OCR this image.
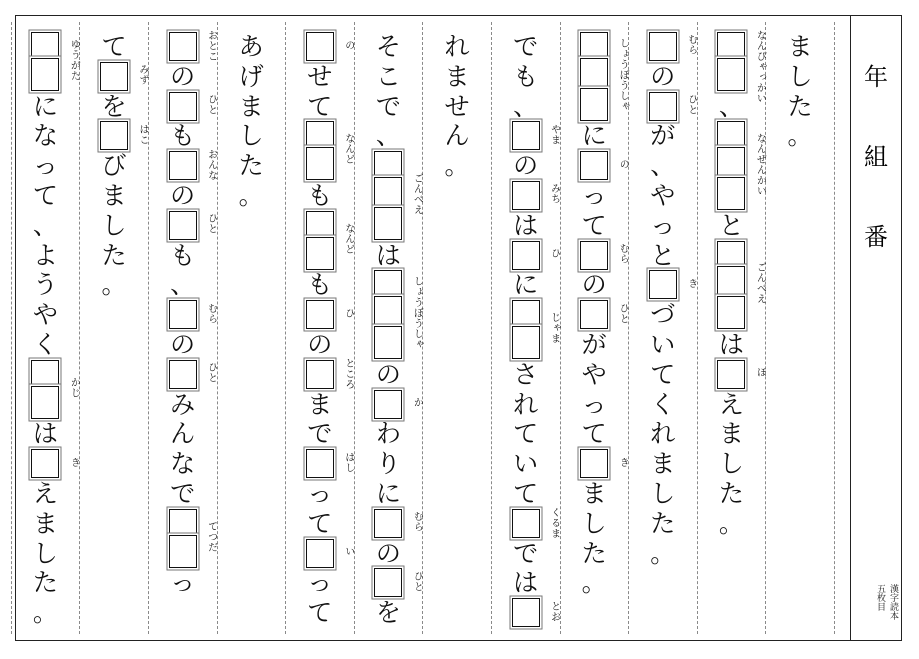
年
組
番
漢字読本
五枚目
ま
し
た
。
、
と
は
え
ま
し
た
。
なんぴゃっかい
なんぜんかい
ごんべえ
ほ
の
が
、
や
っ
と
づ
い
て
く
れ
ま
し
た
。
むら
ひと
き
に
っ
て
の
が
や
っ
て
ま
し
た
。
しょうぼうしゃ
の
むら
ひと
き
で
も
、
の
は
に
さ
れ
て
い
て
で
は
やま
みち
ひ
じゃま
くるま
とお
れ
ま
せ
ん
。
そ
こ
で
、
は
の
わ
り
に
の
を
ごんべえ
しょうぼうしゃ
か
むら
ひと
せ
て
も
も
の
ま
で
っ
て
っ
て
の
なんど
なんど
ひ
ところ
はし
い
あ
げ
ま
し
た
。
の
も
の
も
、
の
み
ん
な
で
っ
おとこ
ひと
おんな
ひと
むら
ひと
てつだ
て
を
び
ま
し
た
。
みず
はこ
に
な
っ
て
、
よ
う
や
く
は
え
ま
し
た
。
ゆうがた
かじ
き
